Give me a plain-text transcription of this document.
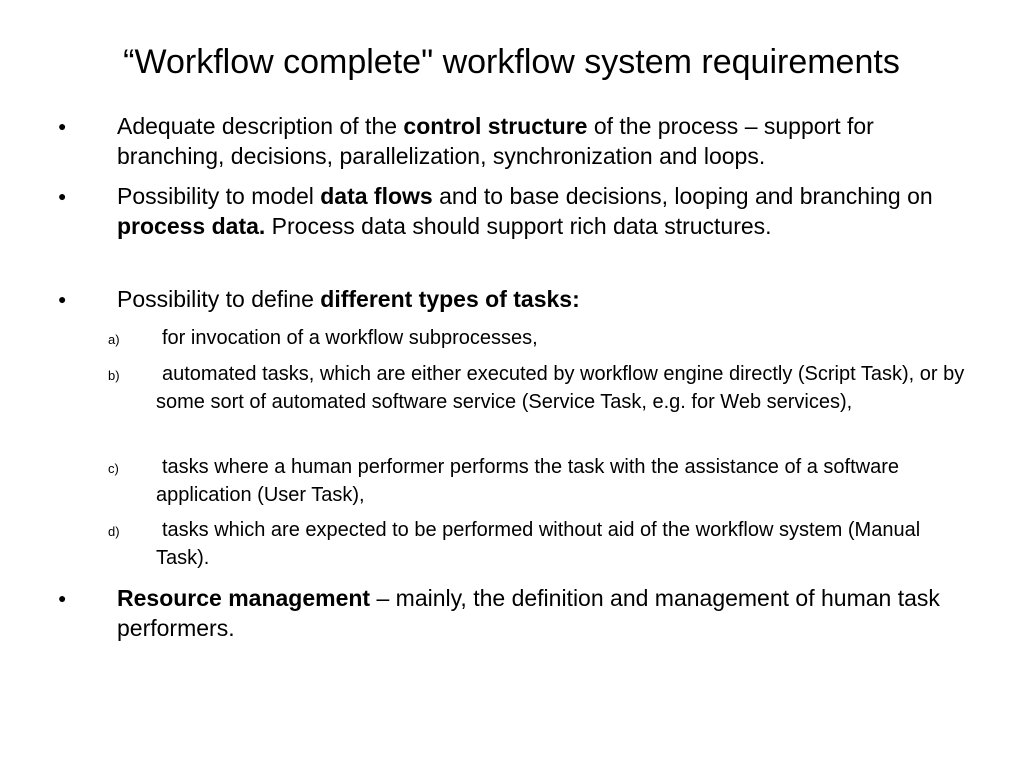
“Workflow complete" workflow system requirements
● Adequate description of the control structure of the process – support for branching, decisions, parallelization, synchronization and loops.
● Possibility to model data flows and to base decisions, looping and branching on process data. Process data should support rich data structures.
● Possibility to define different types of tasks:
a)	for invocation of a workflow subprocesses,
b)	automated tasks, which are either executed by workflow engine directly (Script Task), or by some sort of automated software service (Service Task, e.g. for Web services),
c)	tasks where a human performer performs the task with the assistance of a software application (User Task),
d)	tasks which are expected to be performed without aid of the workflow system (Manual Task).
● Resource management – mainly, the definition and management of human task performers.
